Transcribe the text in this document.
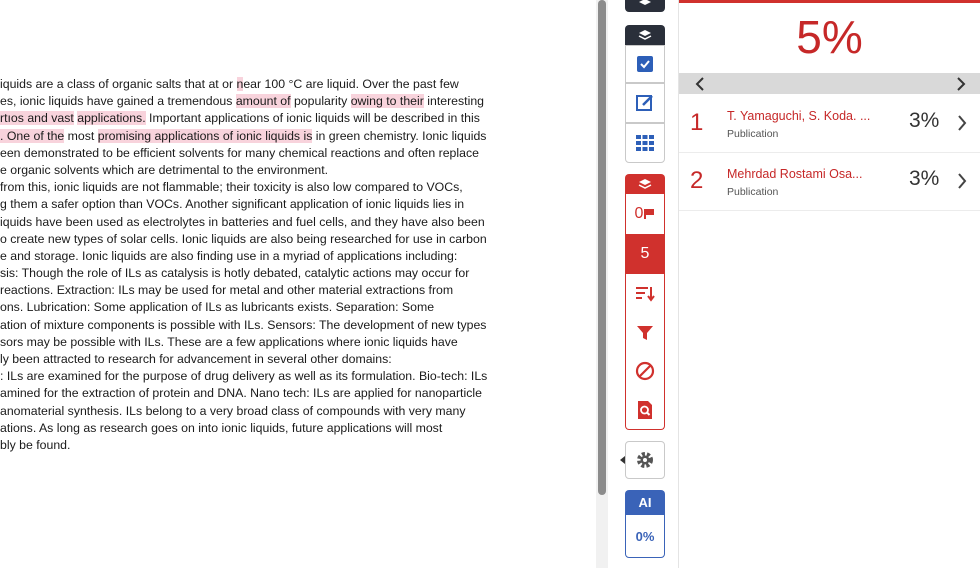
iquids are a class of organic salts that at or near 100 °C are liquid. Over the past few
es, ionic liquids have gained a tremendous amount of popularity owing to their interesting
rtıos and vast applications. Important applications of ionic liquids will be described in this
. One of the most promising applications of ionic liquids is in green chemistry. Ionic liquids
een demonstrated to be efficient solvents for many chemical reactions and often replace
e organic solvents which are detrimental to the environment.
from this, ionic liquids are not flammable; their toxicity is also low compared to VOCs,
g them a safer option than VOCs. Another significant application of ionic liquids lies in
iquids have been used as electrolytes in batteries and fuel cells, and they have also been
o create new types of solar cells. Ionic liquids are also being researched for use in carbon
e and storage. Ionic liquids are also finding use in a myriad of applications including:
sis: Though the role of ILs as catalysis is hotly debated, catalytic actions may occur for
reactions. Extraction: ILs may be used for metal and other material extractions from
ons. Lubrication: Some application of ILs as lubricants exists. Separation: Some
ation of mixture components is possible with ILs. Sensors: The development of new types
sors may be possible with ILs. These are a few applications where ionic liquids have
ly been attracted to research for advancement in several other domains:
: ILs are examined for the purpose of drug delivery as well as its formulation. Bio-tech: ILs
amined for the extraction of protein and DNA. Nano tech: ILs are applied for nanoparticle
anomaterial synthesis. ILs belong to a very broad class of compounds with very many
ations. As long as research goes on into ionic liquids, future applications will most
bly be found.
0
5
AI
0%
5%
1 T. Yamaguchi, S. Koda. ...
Publication
3%
2 Mehrdad Rostami Osa...
Publication
3%
